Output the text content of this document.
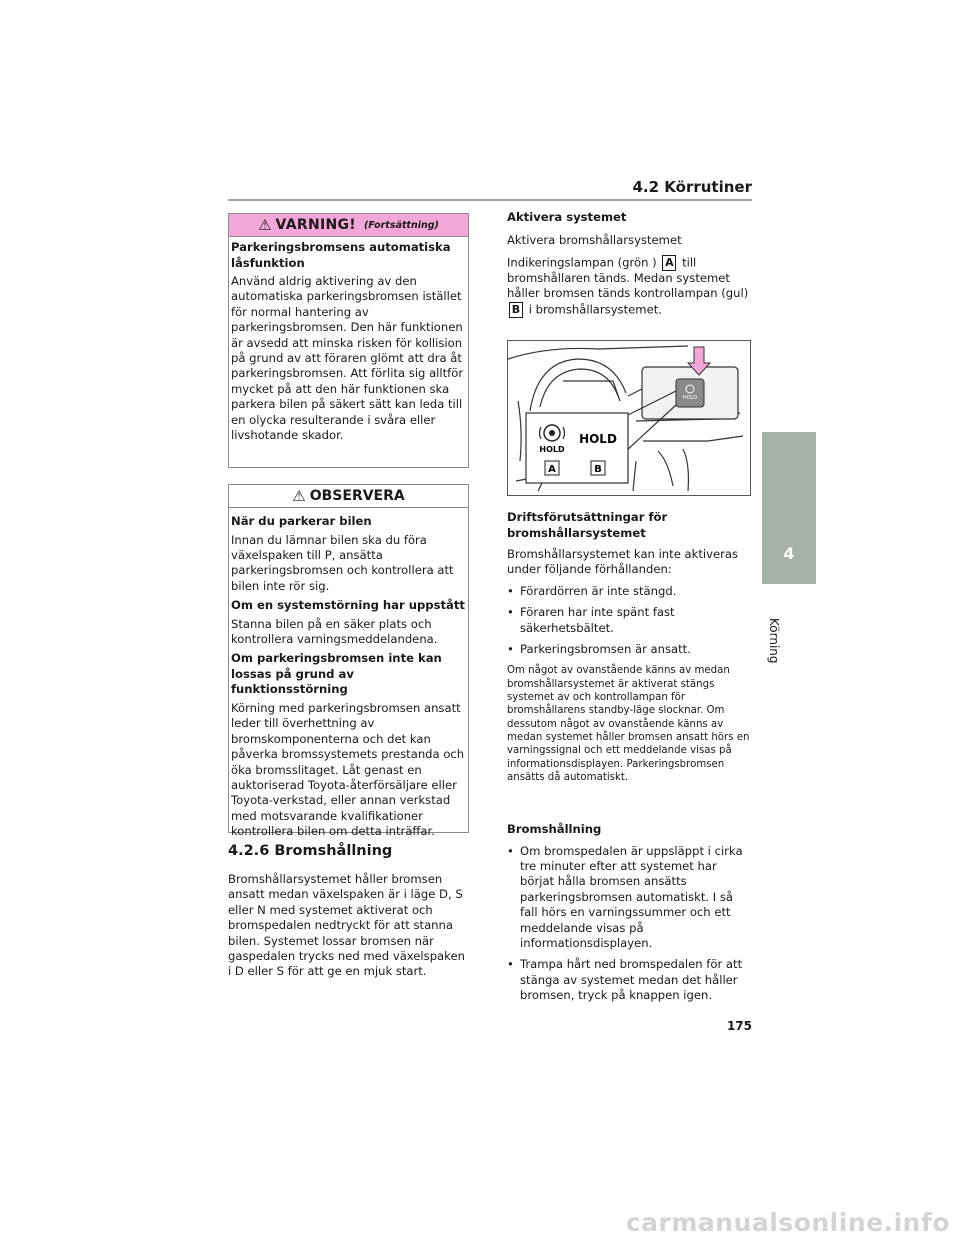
4.2 Körrutiner
⚠ VARNING! (Fortsättning)
Parkeringsbromsens automatiska låsfunktion
Använd aldrig aktivering av den automatiska parkeringsbromsen istället för normal hantering av parkeringsbromsen. Den här funktionen är avsedd att minska risken för kollision på grund av att föraren glömt att dra åt parkeringsbromsen. Att förlita sig alltför mycket på att den här funktionen ska parkera bilen på säkert sätt kan leda till en olycka resulterande i svåra eller livshotande skador.
⚠ OBSERVERA
När du parkerar bilen
Innan du lämnar bilen ska du föra växelspaken till P, ansätta parkeringsbromsen och kontrollera att bilen inte rör sig.
Om en systemstörning har uppstått
Stanna bilen på en säker plats och kontrollera varningsmeddelandena.
Om parkeringsbromsen inte kan lossas på grund av funktionsstörning
Körning med parkeringsbromsen ansatt leder till överhettning av bromskomponenterna och det kan påverka bromssystemets prestanda och öka bromsslitaget. Låt genast en auktoriserad Toyota-återförsäljare eller Toyota-verkstad, eller annan verkstad med motsvarande kvalifikationer kontrollera bilen om detta inträffar.
4.2.6 Bromshållning
Bromshållarsystemet håller bromsen ansatt medan växelspaken är i läge D, S eller N med systemet aktiverat och bromspedalen nedtryckt för att stanna bilen. Systemet lossar bromsen när gaspedalen trycks ned med växelspaken i D eller S för att ge en mjuk start.
Aktivera systemet
Aktivera bromshållarsystemet
Indikeringslampan (grön ) A till bromshållaren tänds. Medan systemet håller bromsen tänds kontrollampan (gul) B i bromshållarsystemet.
HOLD
HOLD
HOLD
A	B
Driftsförutsättningar för bromshållarsystemet
Bromshållarsystemet kan inte aktiveras under följande förhållanden:
• Förardörren är inte stängd.
• Föraren har inte spänt fast säkerhetsbältet.
• Parkeringsbromsen är ansatt.
Om något av ovanstående känns av medan bromshållarsystemet är aktiverat stängs systemet av och kontrollampan för bromshållarens standby-läge slocknar. Om dessutom något av ovanstående känns av medan systemet håller bromsen ansatt hörs en varningssignal och ett meddelande visas på informationsdisplayen. Parkeringsbromsen ansätts då automatiskt.
Bromshållning
• Om bromspedalen är uppsläppt i cirka tre minuter efter att systemet har börjat hålla bromsen ansätts parkeringsbromsen automatiskt. I så fall hörs en varningssummer och ett meddelande visas på informationsdisplayen.
• Trampa hårt ned bromspedalen för att stänga av systemet medan det håller bromsen, tryck på knappen igen.
4
Körning
175
carmanualsonline.info
